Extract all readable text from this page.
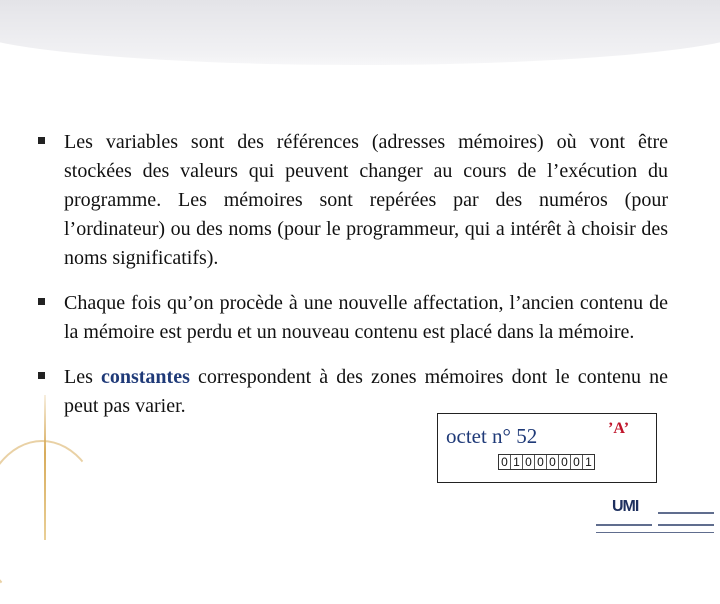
Les variables sont des références (adresses mémoires) où vont être stockées des valeurs qui peuvent changer au cours de l’exécution du programme. Les mémoires sont repérées par des numéros (pour l’ordinateur) ou des noms (pour le programmeur, qui a intérêt à choisir des noms significatifs).

Chaque fois qu’on procède à une nouvelle affectation, l’ancien contenu de la mémoire est perdu et un nouveau contenu est placé dans la mémoire.

Les constantes correspondent à des zones mémoires dont le contenu ne peut pas varier.

octet n° 52	’A’
0 1 0 0 0 0 0 1
UMI
